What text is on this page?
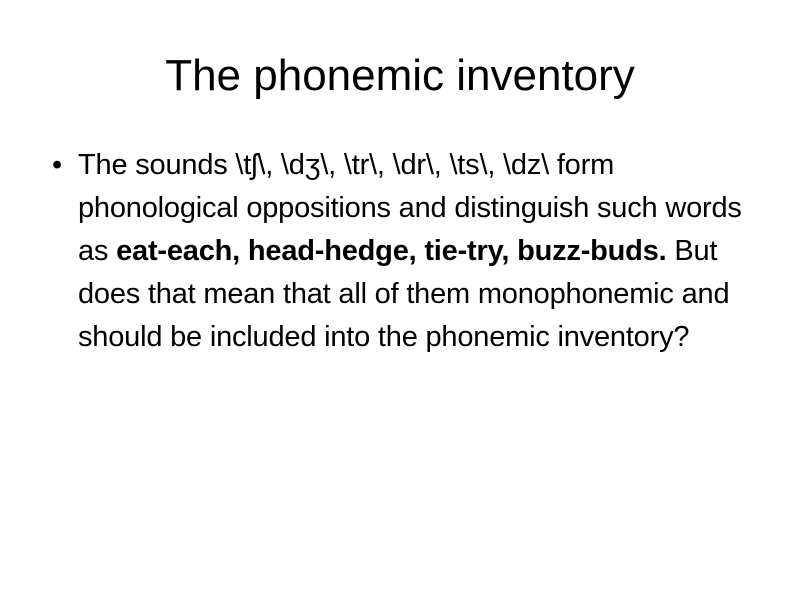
The phonemic inventory
• The sounds \tʃ\, \dʒ\, \tr\, \dr\, \ts\, \dz\ form phonological oppositions and distinguish such words as eat-each, head-hedge, tie-try, buzz-buds. But does that mean that all of them monophonemic and should be included into the phonemic inventory?
